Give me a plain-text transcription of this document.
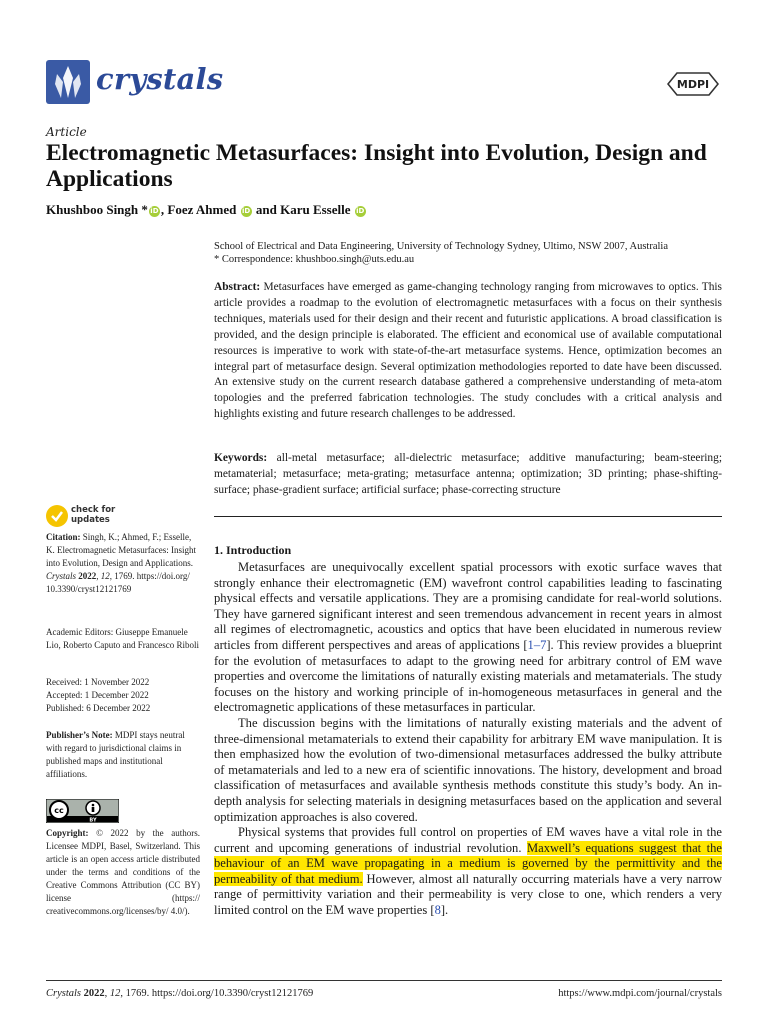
crystals	MDPI
Article
Electromagnetic Metasurfaces: Insight into Evolution, Design and Applications
Khushboo Singh * iD , Foez Ahmed iD and Karu Esselle iD
School of Electrical and Data Engineering, University of Technology Sydney, Ultimo, NSW 2007, Australia
* Correspondence: khushboo.singh@uts.edu.au
Abstract: Metasurfaces have emerged as game-changing technology ranging from microwaves to optics. This article provides a roadmap to the evolution of electromagnetic metasurfaces with a focus on their synthesis techniques, materials used for their design and their recent and futuristic applications. A broad classification is provided, and the design principle is elaborated. The efficient and economical use of available computational resources is imperative to work with state-of-the-art metasurface systems. Hence, optimization becomes an integral part of metasurface design. Several optimization methodologies reported to date have been discussed. An extensive study on the current research database gathered a comprehensive understanding of meta-atom topologies and the preferred fabrication technologies. The study concludes with a critical analysis and highlights existing and future research challenges to be addressed.
Keywords: all-metal metasurface; all-dielectric metasurface; additive manufacturing; beam-steering; metamaterial; metasurface; meta-grating; metasurface antenna; optimization; 3D printing; phase-shifting-surface; phase-gradient surface; artificial surface; phase-correcting structure
1. Introduction

Metasurfaces are unequivocally excellent spatial processors with exotic surface waves that strongly enhance their electromagnetic (EM) wavefront control capabilities leading to fascinating physical effects and versatile applications. They are a promising candidate for real-world solutions. They have garnered significant interest and seen tremendous advancement in recent years in almost all regimes of electromagnetic, acoustics and optics that have been elucidated in numerous review articles from different perspectives and areas of applications [1–7]. This review provides a blueprint for the evolution of metasurfaces to adapt to the growing need for arbitrary control of EM wave properties and overcome the limitations of naturally existing materials and metamaterials. The study focuses on the history and working principle of in-homogeneous metasurfaces in general and the electromagnetic applications of these metasurfaces in particular.

The discussion begins with the limitations of naturally existing materials and the advent of three-dimensional metamaterials to extend their capability for arbitrary EM wave manipulation. It is then emphasized how the evolution of two-dimensional metasurfaces addressed the bulky attribute of metamaterials and led to a new era of scientific innovations. The history, development and broad classification of metasurfaces and available synthesis methods constitute this study’s body. An in-depth analysis for selecting materials in designing metasurfaces based on the application and several optimization approaches is also covered.

Physical systems that provides full control on properties of EM waves have a vital role in the current and upcoming generations of industrial revolution. Maxwell’s equations suggest that the behaviour of an EM wave propagating in a medium is governed by the permittivity and the permeability of that medium. However, almost all naturally occurring materials have a very narrow range of permittivity variation and their permeability is very close to one, which renders a very limited control on the EM wave properties [8].

check for updates
Citation: Singh, K.; Ahmed, F.; Esselle, K. Electromagnetic Metasurfaces: Insight into Evolution, Design and Applications. Crystals 2022, 12, 1769. https://doi.org/ 10.3390/cryst12121769
Academic Editors: Giuseppe Emanuele Lio, Roberto Caputo and Francesco Riboli
Received: 1 November 2022
Accepted: 1 December 2022
Published: 6 December 2022
Publisher’s Note: MDPI stays neutral with regard to jurisdictional claims in published maps and institutional affiliations.
cc
BY
Copyright: © 2022 by the authors. Licensee MDPI, Basel, Switzerland. This article is an open access article distributed under the terms and conditions of the Creative Commons Attribution (CC BY) license (https:// creativecommons.org/licenses/by/ 4.0/).
Crystals 2022, 12, 1769. https://doi.org/10.3390/cryst12121769	https://www.mdpi.com/journal/crystals
